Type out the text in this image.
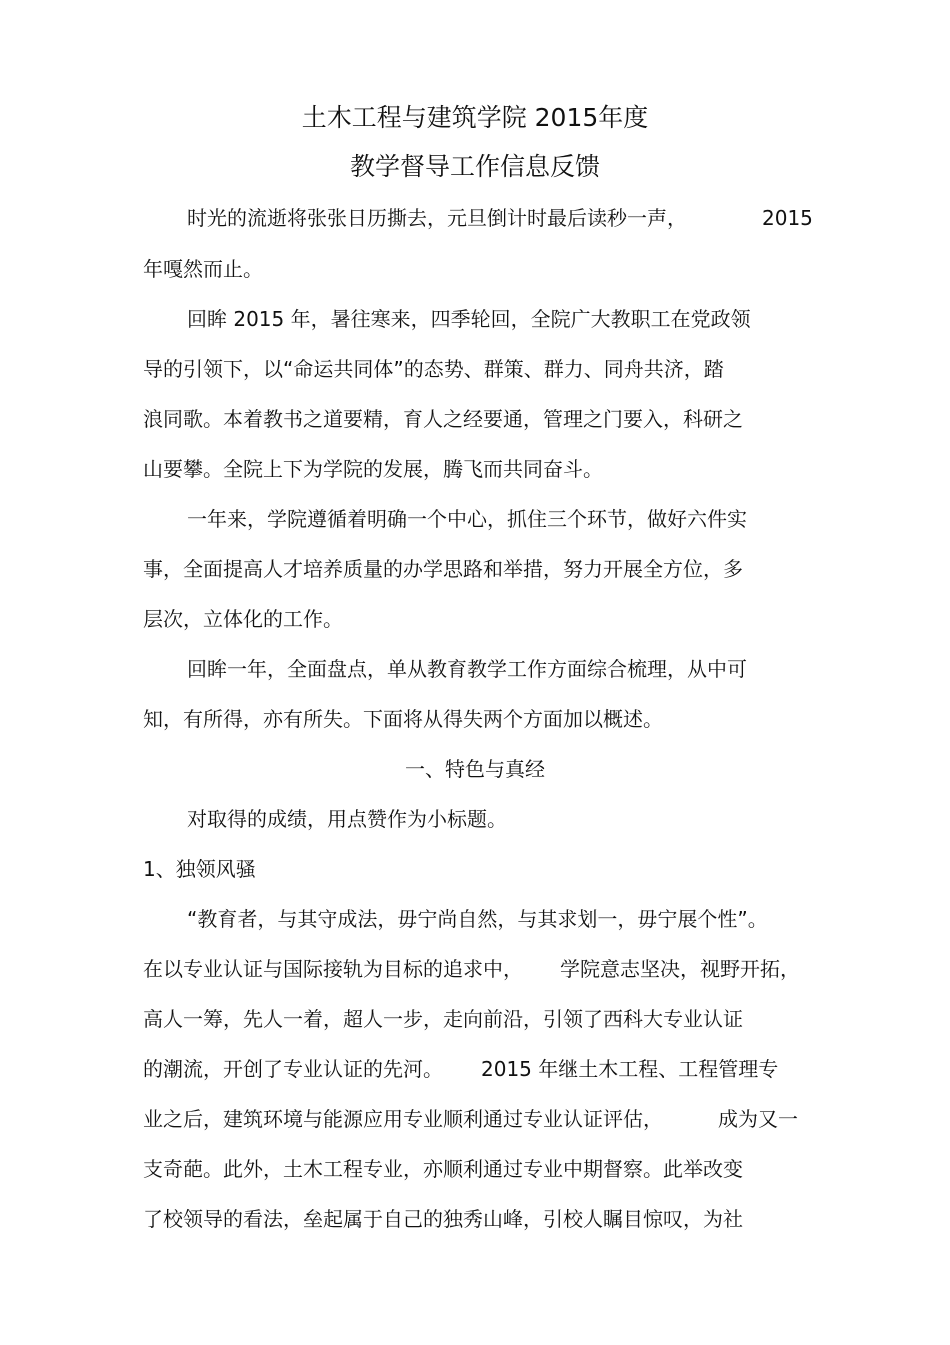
土木工程与建筑学院 2015年度
教学督导工作信息反馈
时光的流逝将张张日历撕去，元旦倒计时最后读秒一声，	2015
年嘎然而止。
回眸 2015 年，暑往寒来，四季轮回，全院广大教职工在党政领
导的引领下，以“命运共同体”的态势、群策、群力、同舟共济，踏
浪同歌。本着教书之道要精，育人之经要通，管理之门要入，科研之
山要攀。全院上下为学院的发展，腾飞而共同奋斗。
一年来，学院遵循着明确一个中心，抓住三个环节，做好六件实
事，全面提高人才培养质量的办学思路和举措，努力开展全方位，多
层次，立体化的工作。
回眸一年，全面盘点，单从教育教学工作方面综合梳理，从中可
知，有所得，亦有所失。下面将从得失两个方面加以概述。
一、特色与真经
对取得的成绩，用点赞作为小标题。
1、独领风骚
“教育者，与其守成法，毋宁尚自然，与其求划一，毋宁展个性”。
在以专业认证与国际接轨为目标的追求中， 学院意志坚决，视野开拓，
高人一筹，先人一着，超人一步，走向前沿，引领了西科大专业认证
的潮流，开创了专业认证的先河。 2015 年继土木工程、工程管理专
业之后，建筑环境与能源应用专业顺利通过专业认证评估，	成为又一
支奇葩。此外，土木工程专业，亦顺利通过专业中期督察。此举改变
了校领导的看法，垒起属于自己的独秀山峰，引校人瞩目惊叹，为社
